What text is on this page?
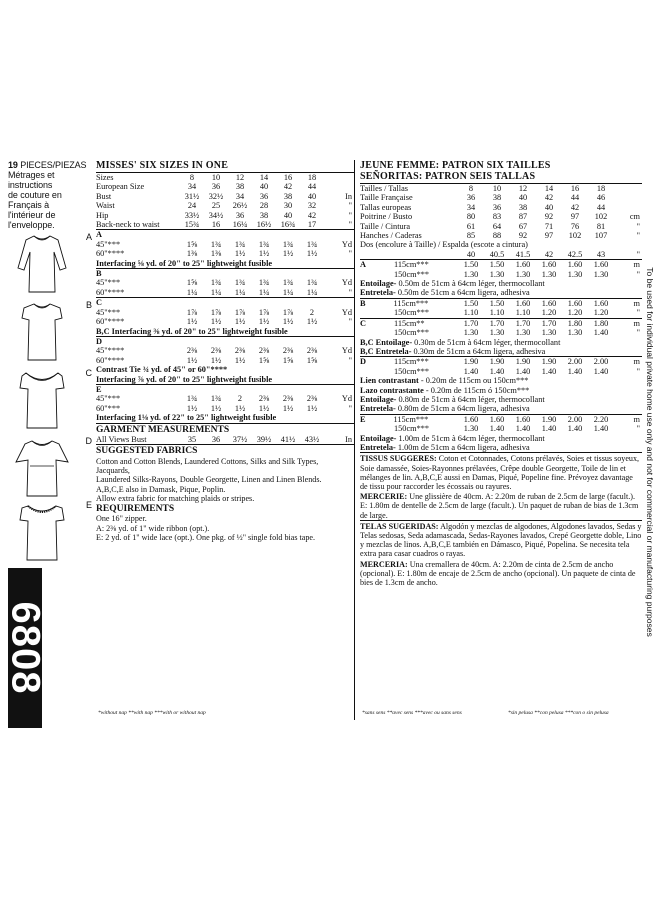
19 PIECES/PIEZAS
Métrages et instructions
de couture en Français à
l'intérieur de l'enveloppe.
A
B
C
D
E
6808
MISSES' SIX SIZES IN ONE
Sizes	8	10	12	14	16	18	
European Size	34	36	38	40	42	44	
Bust	31½	32½	34	36	38	40	In
Waist	24	25	26½	28	30	32	"
Hip	33½	34½	36	38	40	42	"
Back-neck to waist	15¾	16	16¼	16½	16¾	17	"
A
45"***	1⅝	1¾	1¾	1¾	1¾	1¾	Yd
60"****	1⅜	1⅜	1½	1½	1½	1½	"
Interfacing ⅝ yd. of 20" to 25" lightweight fusible
B
45"***	1⅝	1¾	1¾	1¾	1¾	1¾	Yd
60"****	1¼	1¼	1¼	1¼	1¼	1¼	"
C
45"***	1⅞	1⅞	1⅞	1⅞	1⅞	2	Yd
60"****	1½	1½	1½	1½	1½	1½	"
B,C Interfacing ⅜ yd. of 20" to 25" lightweight fusible
D
45"****	2⅜	2⅜	2⅜	2⅜	2⅜	2⅜	Yd
60"****	1½	1½	1½	1⅝	1⅝	1⅝	"
Contrast Tie ¾ yd. of 45" or 60"****
Interfacing ⅞ yd. of 20" to 25" lightweight fusible
E
45"***	1¾	1¾	2	2⅜	2⅜	2⅜	Yd
60"***	1½	1½	1½	1½	1½	1½	"
Interfacing 1⅛ yd. of 22" to 25" lightweight fusible
GARMENT MEASUREMENTS
All Views Bust	35	36	37½	39½	41½	43½	In
SUGGESTED FABRICS
Cotton and Cotton Blends, Laundered Cottons, Silks and Silk Types, Jacquards,
Laundered Silks-Rayons, Double Georgette, Linen and Linen Blends.
A,B,C,E also in Damask, Pique, Poplin.
Allow extra fabric for matching plaids or stripes.
REQUIREMENTS
One 16" zipper.
A: 2⅜ yd. of 1" wide ribbon (opt.).
E: 2 yd. of 1" wide lace (opt.). One pkg. of ½" single fold bias tape.
*without nap **with nap ***with or without nap
JEUNE FEMME: PATRON SIX TAILLES
SEÑORITAS: PATRON SEIS TALLAS
Tailles / Tallas	8	10	12	14	16	18	
Taille Française	36	38	40	42	44	46	
Tallas europeas	34	36	38	40	42	44	
Poitrine / Busto	80	83	87	92	97	102	cm
Taille / Cintura	61	64	67	71	76	81	"
Hanches / Caderas	85	88	92	97	102	107	"
Dos (encolure à Taille) / Espalda (escote a cintura)
	40	40.5	41.5	42	42.5	43	"
A 115cm***	1.50	1.50	1.60	1.60	1.60	1.60	m
150cm***	1.30	1.30	1.30	1.30	1.30	1.30	"
Entoilage- 0.50m de 51cm à 64cm léger, thermocollant
Entretela- 0.50m de 51cm a 64cm ligera, adhesiva
B 115cm***	1.50	1.50	1.60	1.60	1.60	1.60	m
150cm***	1.10	1.10	1.10	1.20	1.20	1.20	"
C 115cm**	1.70	1.70	1.70	1.70	1.80	1.80	m
150cm***	1.30	1.30	1.30	1.30	1.30	1.40	"
B,C Entoilage- 0.30m de 51cm à 64cm léger, thermocollant
B,C Entretela- 0.30m de 51cm a 64cm ligera, adhesiva
D 115cm***	1.90	1.90	1.90	1.90	2.00	2.00	m
150cm***	1.40	1.40	1.40	1.40	1.40	1.40	"
Lien contrastant - 0.20m de 115cm ou 150cm***
Lazo contrastante - 0.20m de 115cm ó 150cm***
Entoilage- 0.80m de 51cm à 64cm léger, thermocollant
Entretela- 0.80m de 51cm a 64cm ligera, adhesiva
E 115cm***	1.60	1.60	1.60	1.90	2.00	2.20	m
150cm***	1.30	1.40	1.40	1.40	1.40	1.40	"
Entoilage- 1.00m de 51cm à 64cm léger, thermocollant
Entretela- 1.00m de 51cm a 64cm ligera, adhesiva
TISSUS SUGGERES: Coton et Cotonnades, Cotons prélavés, Soies et tissus soyeux, Soie damassée, Soies-Rayonnes prélavées, Crêpe double Georgette, Toile de lin et mélanges de lin. A,B,C,E aussi en Damas, Piqué, Popeline fine. Prévoyez davantage de tissu pour raccorder les écossais ou rayures.
MERCERIE: Une glissière de 40cm. A: 2.20m de ruban de 2.5cm de large (facult.). E: 1.80m de dentelle de 2.5cm de large (facult.). Un paquet de ruban de bias de 1.3cm de large.
TELAS SUGERIDAS: Algodón y mezclas de algodones, Algodones lavados, Sedas y Telas sedosas, Seda adamascada, Sedas-Rayones lavados, Crepé Georgette doble, Lino y mezclas de linos. A,B,C,E también en Dámasco, Piqué, Popelina. Se necesita tela extra para casar cuadros o rayas.
MERCERIA: Una cremallera de 40cm. A: 2.20m de cinta de 2.5cm de ancho (opcional). E: 1.80m de encaje de 2.5cm de ancho (opcional). Un paquete de cinta de bies de 1.3cm de ancho.
*sans sens **avec sens ***avec ou sans sens	*sin pelusa **con pelusa ***con o sin pelusa
To be used for individual private home use only and not for commercial or manufacturing purposes
